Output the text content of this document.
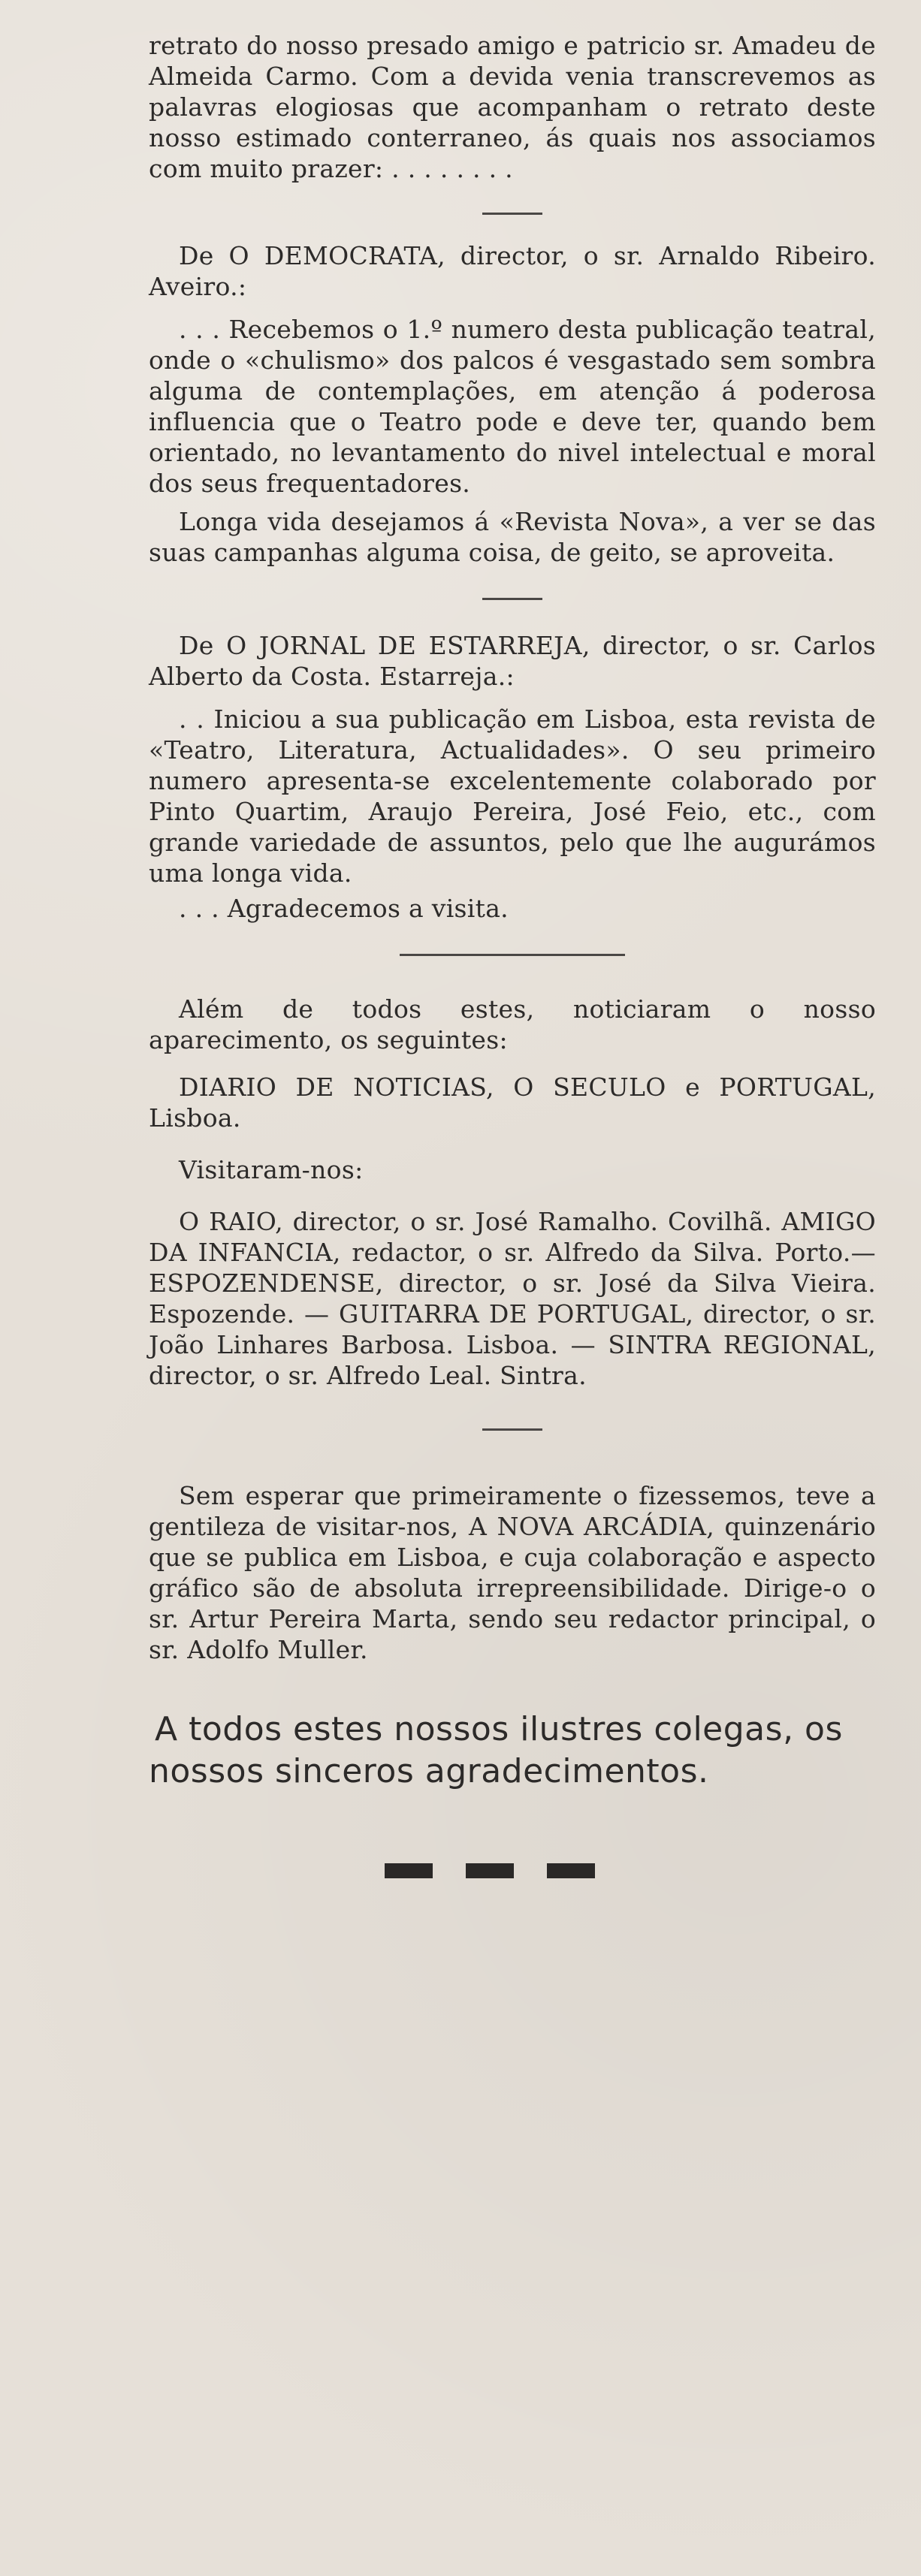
retrato do nosso presado amigo e patricio sr. Amadeu de Almeida Carmo. Com a devida venia transcrevemos as palavras elogiosas que acompanham o retrato deste nosso estimado conterraneo, ás quais nos associamos com muito prazer: . . . . . . . .

De O DEMOCRATA, director, o sr. Arnaldo Ribeiro. Aveiro.:

. . . Recebemos o 1.º numero desta publicação teatral, onde o «chulismo» dos palcos é vesgastado sem sombra alguma de contemplações, em atenção á poderosa influencia que o Teatro pode e deve ter, quando bem orientado, no levantamento do nivel intelectual e moral dos seus frequentadores.

Longa vida desejamos á «Revista Nova», a ver se das suas campanhas alguma coisa, de geito, se aproveita.

De O JORNAL DE ESTARREJA, director, o sr. Carlos Alberto da Costa. Estarreja.:

. . Iniciou a sua publicação em Lisboa, esta revista de «Teatro, Literatura, Actualidades». O seu primeiro numero apresenta-se excelentemente colaborado por Pinto Quartim, Araujo Pereira, José Feio, etc., com grande variedade de assuntos, pelo que lhe augurámos uma longa vida.

. . . Agradecemos a visita.

Além de todos estes, noticiaram o nosso aparecimento, os seguintes:

DIARIO DE NOTICIAS, O SECULO e PORTUGAL, Lisboa.

Visitaram-nos:

O RAIO, director, o sr. José Ramalho. Covilhã. AMIGO DA INFANCIA, redactor, o sr. Alfredo da Silva. Porto.—ESPOZENDENSE, director, o sr. José da Silva Vieira. Espozende. — GUITARRA DE PORTUGAL, director, o sr. João Linhares Barbosa. Lisboa. — SINTRA REGIONAL, director, o sr. Alfredo Leal. Sintra.

Sem esperar que primeiramente o fizessemos, teve a gentileza de visitar-nos, A NOVA ARCÁDIA, quinzenário que se publica em Lisboa, e cuja colaboração e aspecto gráfico são de absoluta irrepreensibilidade. Dirige-o o sr. Artur Pereira Marta, sendo seu redactor principal, o sr. Adolfo Muller.

A todos estes nossos ilustres colegas, os nossos sinceros agradecimentos.
